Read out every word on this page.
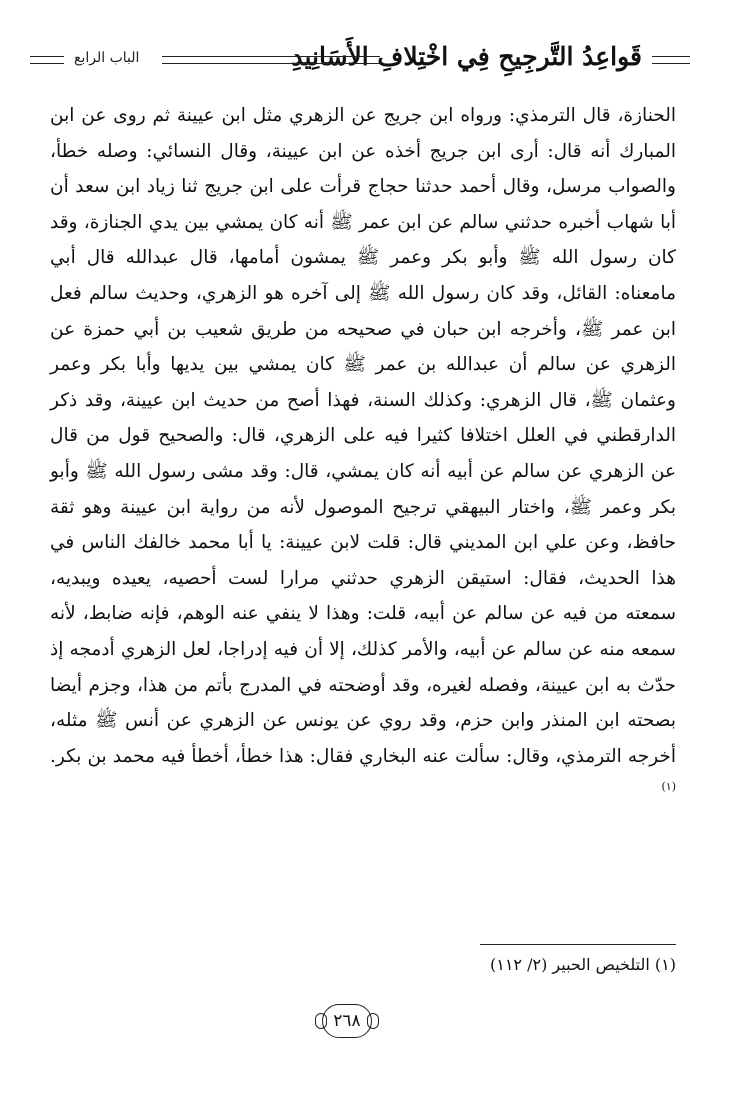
قَواعِدُ التَّرجِيحِ فِي اخْتِلافِ الأَسَانِيدِ
الباب الرابع

الحنازة، قال الترمذي: ورواه ابن جريج عن الزهري مثل ابن عيينة ثم روى عن ابن المبارك أنه قال: أرى ابن جريج أخذه عن ابن عيينة، وقال النسائي: وصله خطأ، والصواب مرسل، وقال أحمد حدثنا حجاج قرأت على ابن جريج ثنا زياد ابن سعد أن أبا شهاب أخبره حدثني سالم عن ابن عمر ﷺ أنه كان يمشي بين يدي الجنازة، وقد كان رسول الله ﷺ وأبو بكر وعمر ﷺ يمشون أمامها، قال عبدالله قال أبي مامعناه: القائل، وقد كان رسول الله ﷺ إلى آخره هو الزهري، وحديث سالم فعل ابن عمر ﷺ، وأخرجه ابن حبان في صحيحه من طريق شعيب بن أبي حمزة عن الزهري عن سالم أن عبدالله بن عمر ﷺ كان يمشي بين يديها وأبا بكر وعمر وعثمان ﷺ، قال الزهري: وكذلك السنة، فهذا أصح من حديث ابن عيينة، وقد ذكر الدارقطني في العلل اختلافا كثيرا فيه على الزهري، قال: والصحيح قول من قال عن الزهري عن سالم عن أبيه أنه كان يمشي، قال: وقد مشى رسول الله ﷺ وأبو بكر وعمر ﷺ، واختار البيهقي ترجيح الموصول لأنه من رواية ابن عيينة وهو ثقة حافظ، وعن علي ابن المديني قال: قلت لابن عيينة: يا أبا محمد خالفك الناس في هذا الحديث، فقال: استيقن الزهري حدثني مرارا لست أحصيه، يعيده ويبديه، سمعته من فيه عن سالم عن أبيه، قلت: وهذا لا ينفي عنه الوهم، فإنه ضابط، لأنه سمعه منه عن سالم عن أبيه، والأمر كذلك، إلا أن فيه إدراجا، لعل الزهري أدمجه إذ حدّث به ابن عيينة، وفصله لغيره، وقد أوضحته في المدرج بأتم من هذا، وجزم أيضا بصحته ابن المنذر وابن حزم، وقد روي عن يونس عن الزهري عن أنس ﷺ مثله، أخرجه الترمذي، وقال: سألت عنه البخاري فقال: هذا خطأ، أخطأ فيه محمد بن بكر.$^{(١)}$

(١) التلخيص الحبير (٢/ ١١٢)
٢٦٨
